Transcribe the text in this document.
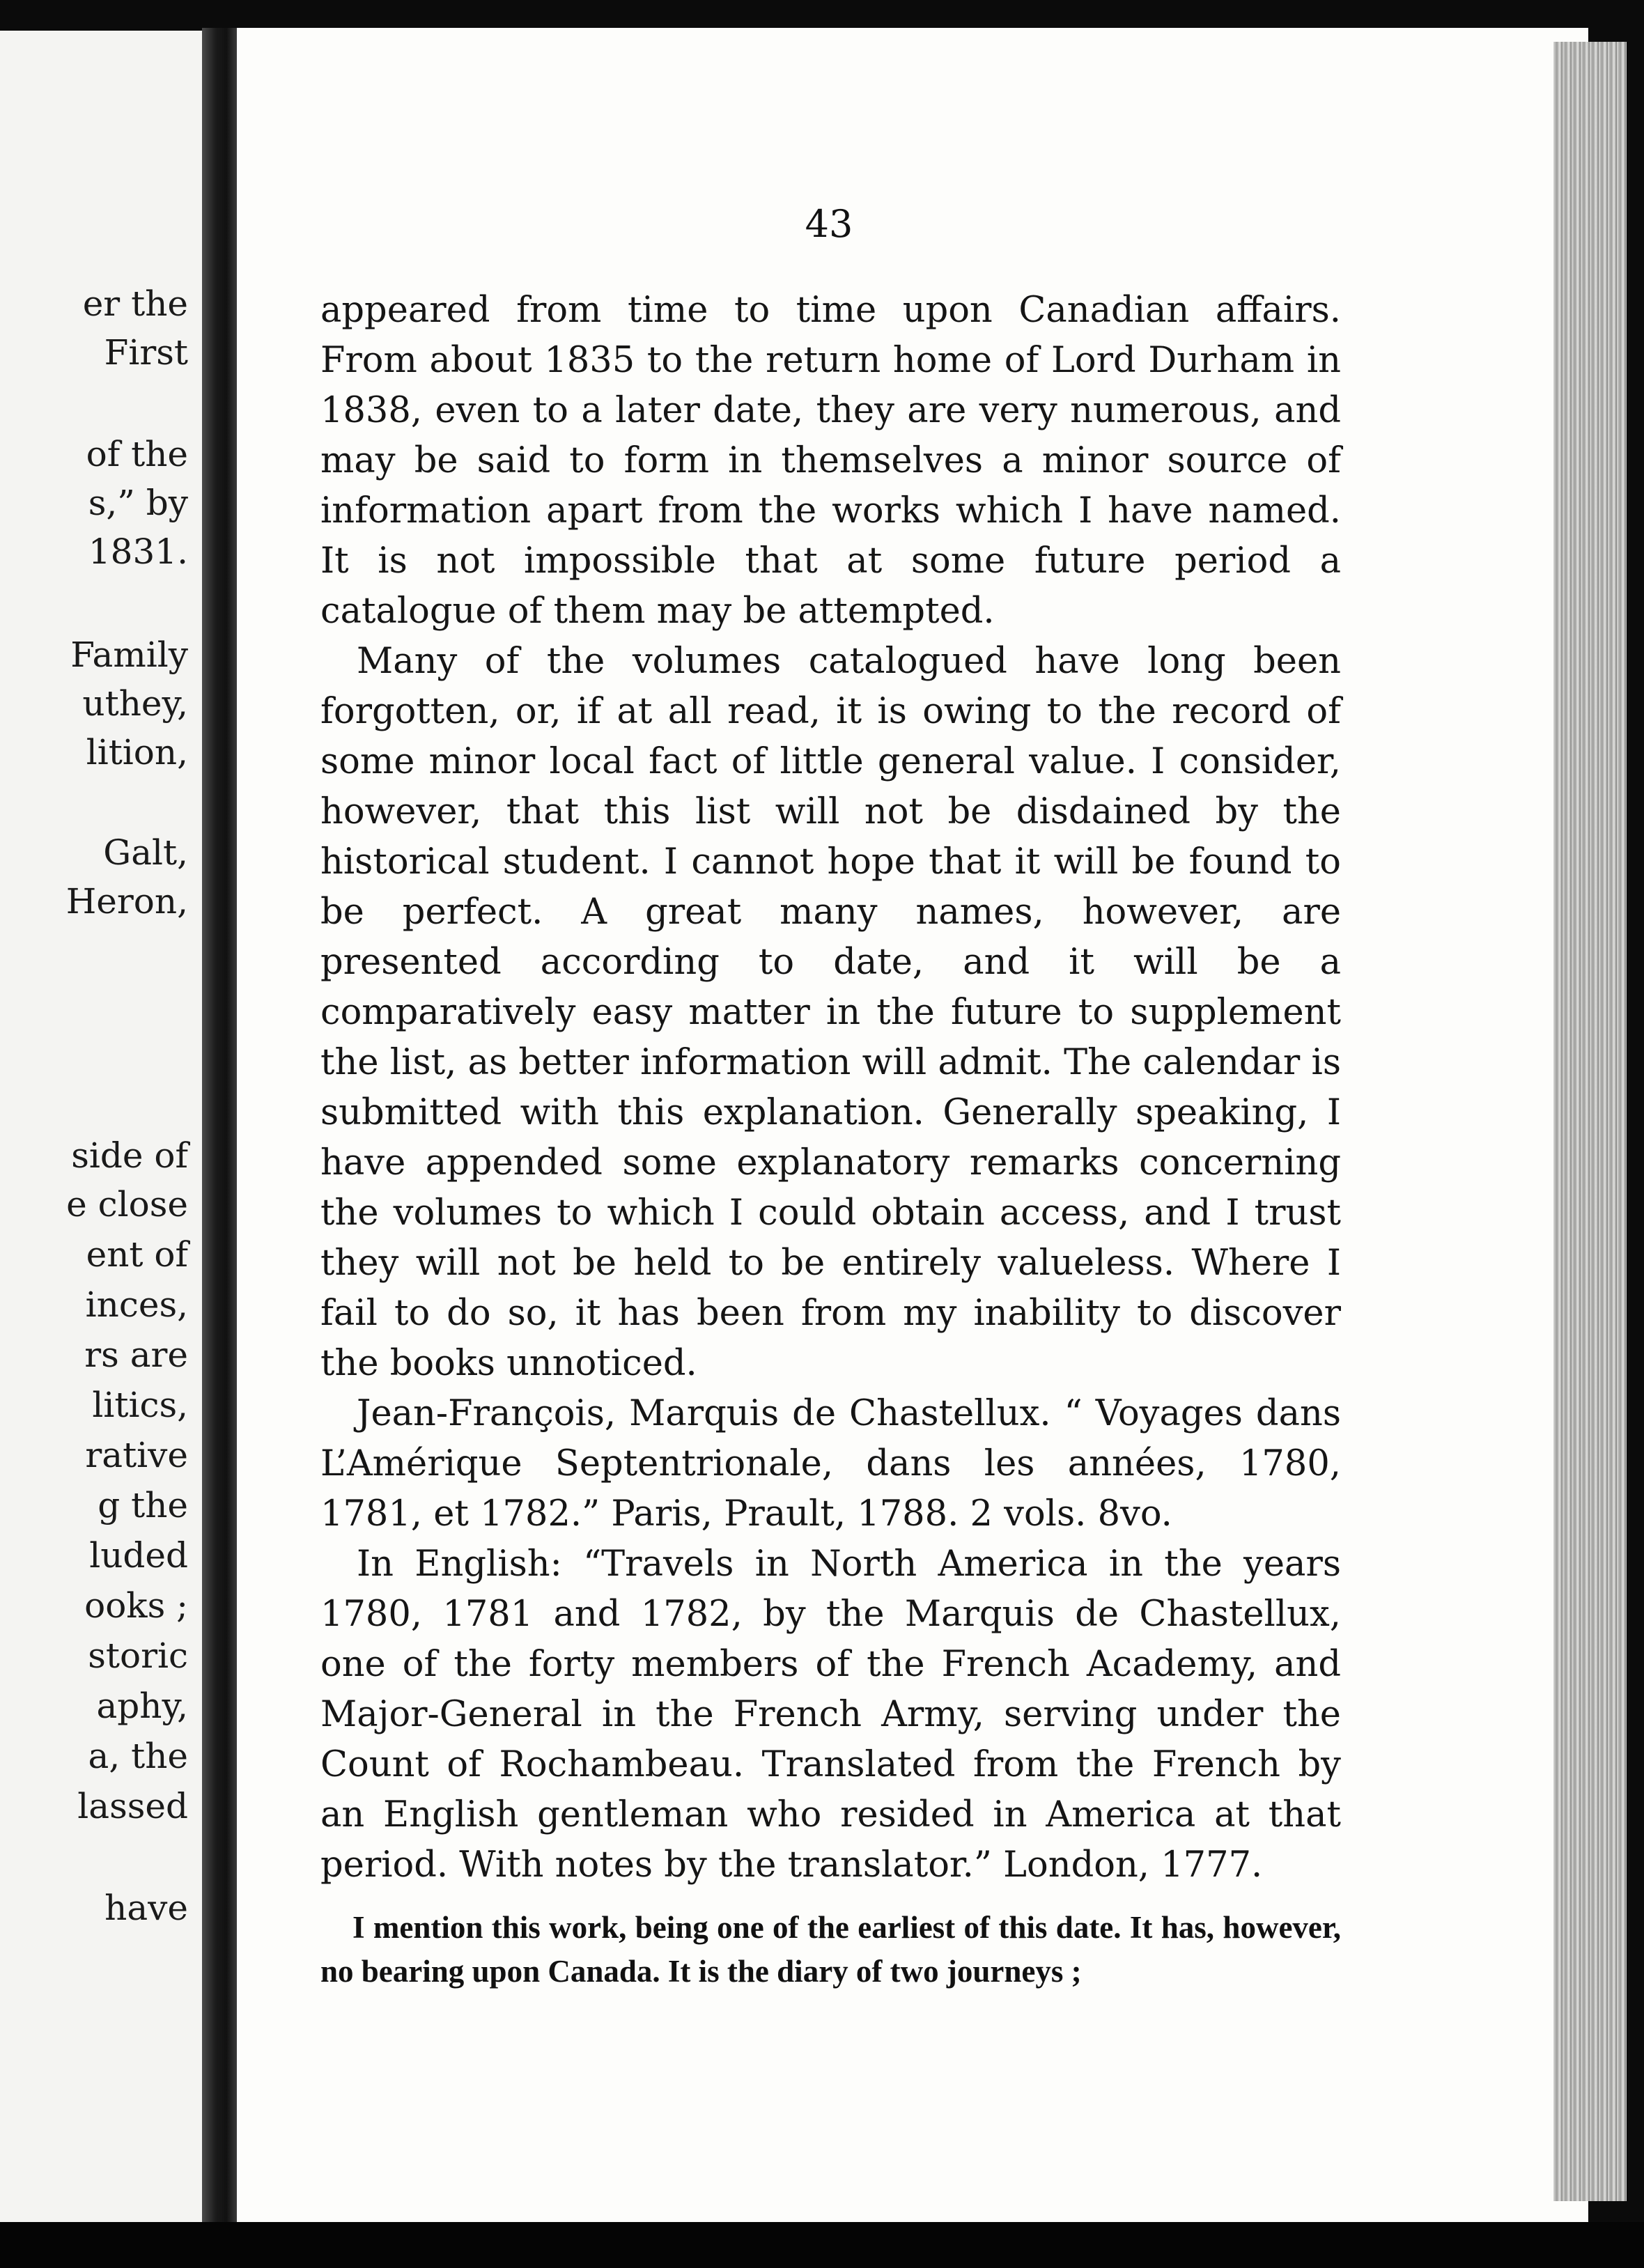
er the
First
of the
s,” by
1831.
Family
uthey,
lition,
Galt,
Heron,
side of
e close
ent of
inces,
rs are
litics,
rative
g the
luded
ooks ;
storic
aphy,
a, the
lassed
have
43

appeared from time to time upon Canadian affairs. From about 1835 to the return home of Lord Durham in 1838, even to a later date, they are very numerous, and may be said to form in themselves a minor source of information apart from the works which I have named. It is not impossible that at some future period a catalogue of them may be attempted.

Many of the volumes catalogued have long been forgotten, or, if at all read, it is owing to the record of some minor local fact of little general value. I consider, however, that this list will not be disdained by the historical student. I cannot hope that it will be found to be perfect. A great many names, however, are presented according to date, and it will be a comparatively easy matter in the future to supplement the list, as better information will admit. The calendar is submitted with this explanation. Generally speaking, I have appended some explanatory remarks concerning the volumes to which I could obtain access, and I trust they will not be held to be entirely valueless. Where I fail to do so, it has been from my inability to discover the books unnoticed.

Jean-François, Marquis de Chastellux. “ Voyages dans L’Amérique Septentrionale, dans les années, 1780, 1781, et 1782.” Paris, Prault, 1788. 2 vols. 8vo.

In English: “Travels in North America in the years 1780, 1781 and 1782, by the Marquis de Chastellux, one of the forty members of the French Academy, and Major-General in the French Army, serving under the Count of Rochambeau. Translated from the French by an English gentleman who resided in America at that period. With notes by the translator.” London, 1777.

I mention this work, being one of the earliest of this date. It has, however, no bearing upon Canada. It is the diary of two journeys ;
